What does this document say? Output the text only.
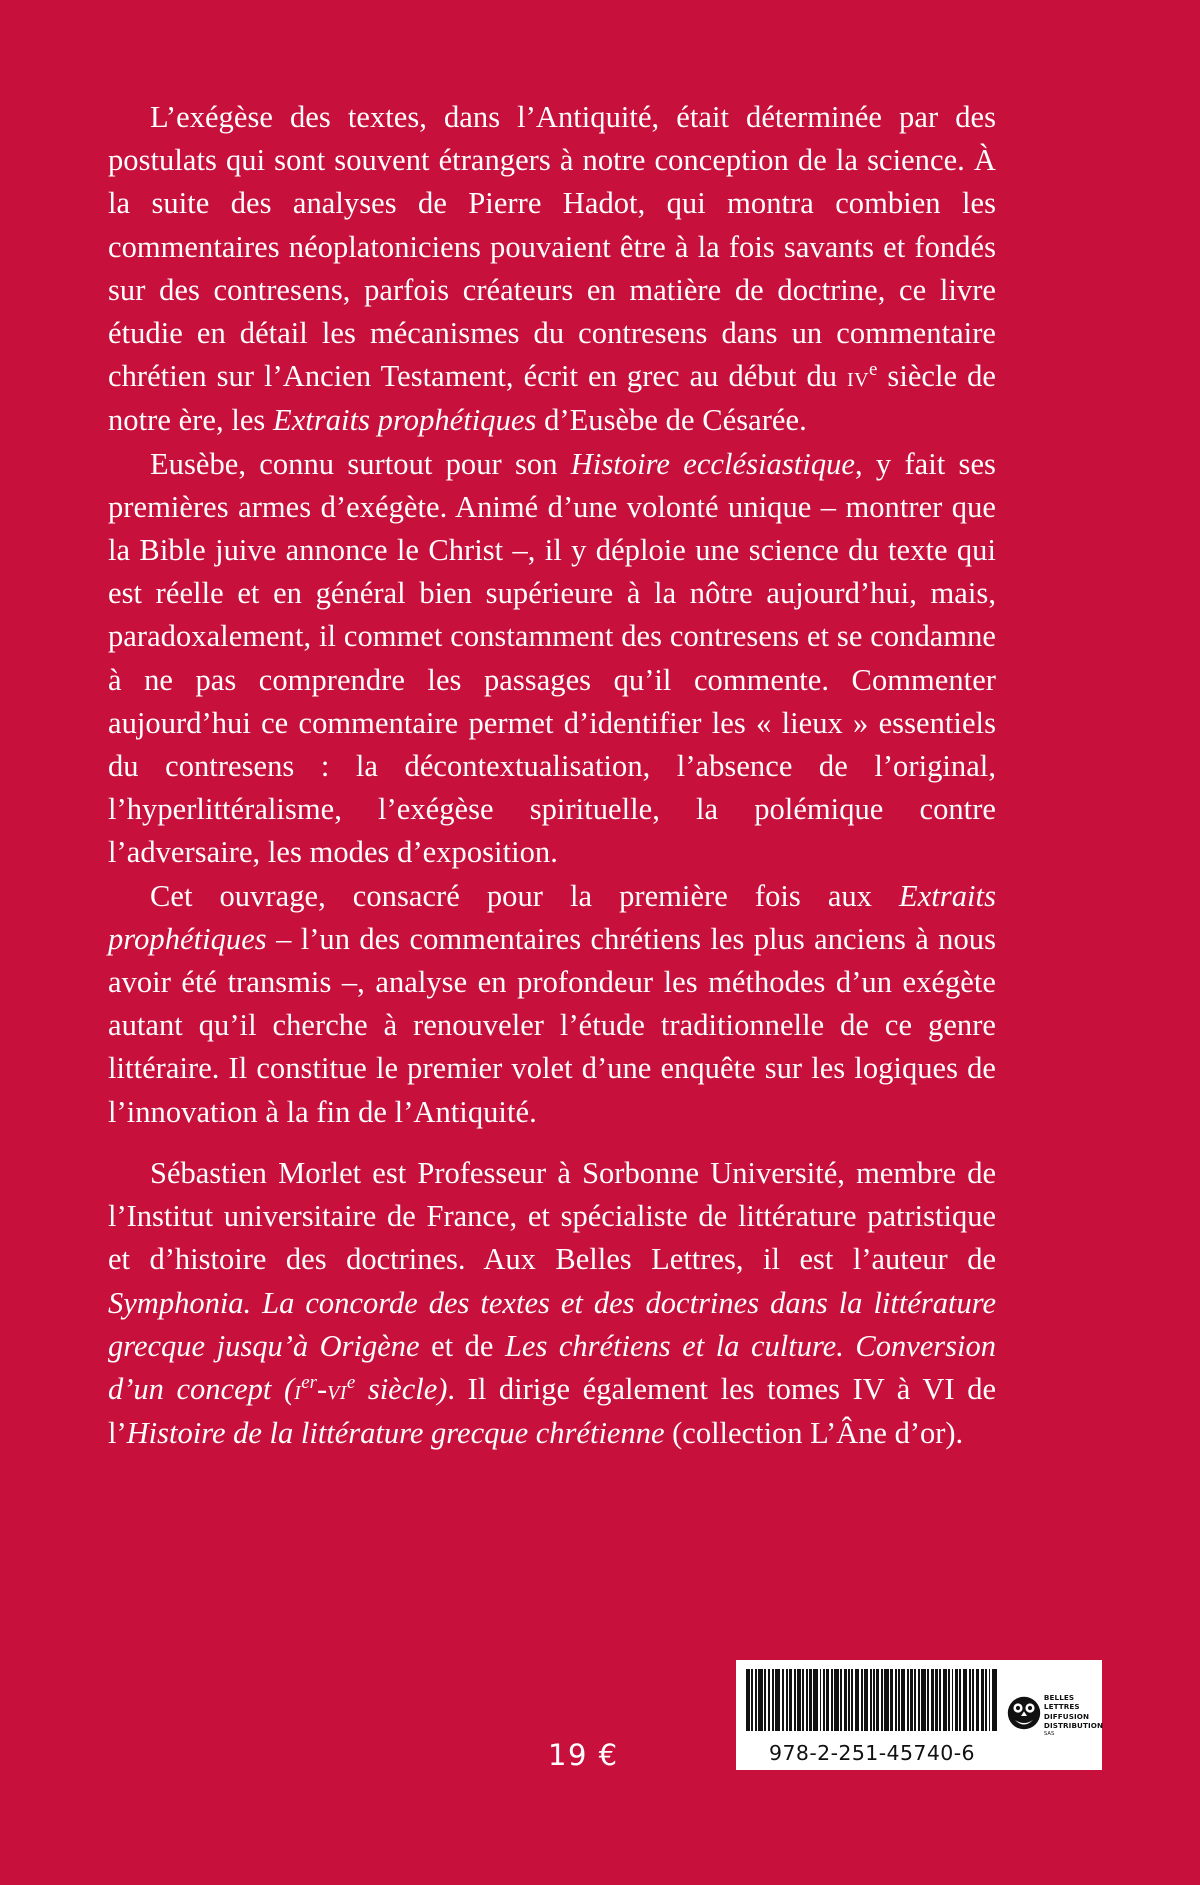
L’exégèse des textes, dans l’Antiquité, était déterminée par des postulats qui sont souvent étrangers à notre conception de la science. À la suite des analyses de Pierre Hadot, qui montra combien les commentaires néoplatoniciens pouvaient être à la fois savants et fondés sur des contresens, parfois créateurs en matière de doctrine, ce livre étudie en détail les mécanismes du contresens dans un commentaire chrétien sur l’Ancien Testament, écrit en grec au début du $iv^e$ siècle de notre ère, les Extraits prophétiques d’Eusèbe de Césarée.

Eusèbe, connu surtout pour son Histoire ecclésiastique, y fait ses premières armes d’exégète. Animé d’une volonté unique – montrer que la Bible juive annonce le Christ –, il y déploie une science du texte qui est réelle et en général bien supérieure à la nôtre aujourd’hui, mais, paradoxalement, il commet constamment des contresens et se condamne à ne pas comprendre les passages qu’il commente. Commenter aujourd’hui ce commentaire permet d’identifier les « lieux » essentiels du contresens : la décontextualisation, l’absence de l’original, l’hyperlittéralisme, l’exégèse spirituelle, la polémique contre l’adversaire, les modes d’exposition.

Cet ouvrage, consacré pour la première fois aux Extraits prophétiques – l’un des commentaires chrétiens les plus anciens à nous avoir été transmis –, analyse en profondeur les méthodes d’un exégète autant qu’il cherche à renouveler l’étude traditionnelle de ce genre littéraire. Il constitue le premier volet d’une enquête sur les logiques de l’innovation à la fin de l’Antiquité.

Sébastien Morlet est Professeur à Sorbonne Université, membre de l’Institut universitaire de France, et spécialiste de littérature patristique et d’histoire des doctrines. Aux Belles Lettres, il est l’auteur de Symphonia. La concorde des textes et des doctrines dans la littérature grecque jusqu’à Origène et de Les chrétiens et la culture. Conversion d’un concept ($i^{er}-vi^e$ siècle). Il dirige également les tomes IV à VI de l’Histoire de la littérature grecque chrétienne (collection L’Âne d’or).

19 €	978-2-251-45740-6
BELLES LETTRES
DIFFUSION
DISTRIBUTION
SAS
